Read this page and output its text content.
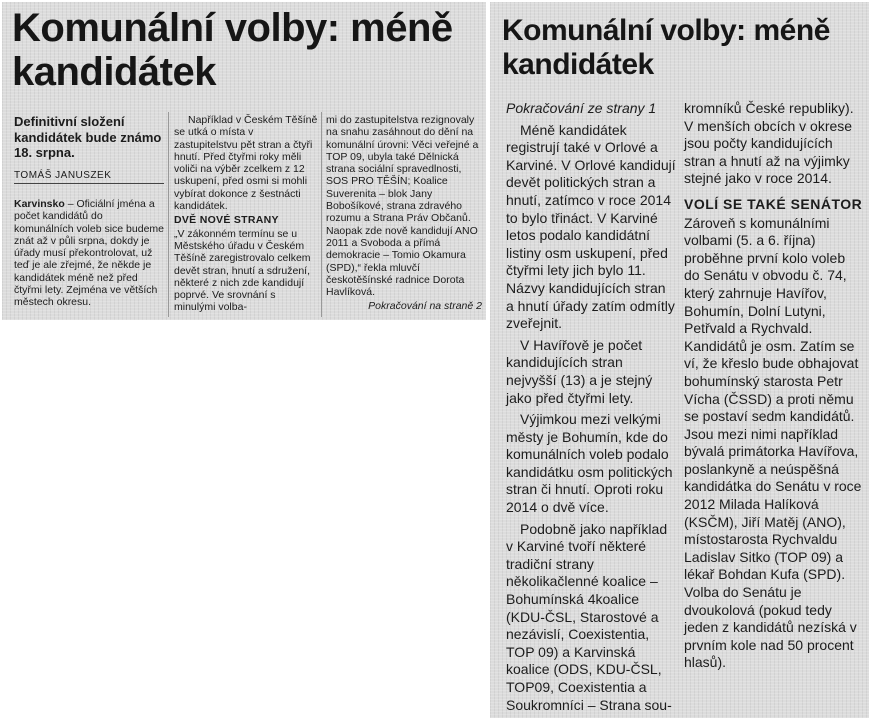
Komunální volby: méně kandidátek

Definitivní složení kandidátek bude známo 18. srpna.

TOMÁŠ JANUSZEK

Karvinsko – Oficiální jména a počet kandidátů do komunálních voleb sice budeme znát až v půli srpna, dokdy je úřady musí překontrolovat, už teď je ale zřejmé, že někde je kandidátek méně než před čtyřmi lety. Zejména ve větších městech okresu.

Například v Českém Těšíně se utká o místa v zastupitelstvu pět stran a čtyři hnutí. Před čtyřmi roky měli voliči na výběr zcelkem z 12 uskupení, před osmi si mohli vybírat dokonce z šestnácti kandidátek.

DVĚ NOVÉ STRANY

„V zákonném termínu se u Městského úřadu v Českém Těšíně zaregistrovalo celkem devět stran, hnutí a sdružení, některé z nich zde kandidují poprvé. Ve srovnání s minulými volba-

mi do zastupitelstva rezignovaly na snahu zasáhnout do dění na komunální úrovni: Věci veřejné a TOP 09, ubyla také Dělnická strana sociální spravedlnosti, SOS PRO TĚŠÍN; Koalice Suverenita – blok Jany Bobošíkové, strana zdravého rozumu a Strana Práv Občanů. Naopak zde nově kandidují ANO 2011 a Svoboda a přímá demokracie – Tomio Okamura (SPD),“ řekla mluvčí českotěšínské radnice Dorota Havlíková.

Pokračování na straně 2

Komunální volby: méně kandidátek

Pokračování ze strany 1

Méně kandidátek registrují také v Orlové a Karviné. V Orlové kandidují devět politických stran a hnutí, zatímco v roce 2014 to bylo třináct. V Karviné letos podalo kandidátní listiny osm uskupení, před čtyřmi lety jich bylo 11. Názvy kandidujících stran a hnutí úřady zatím odmítly zveřejnit.

V Havířově je počet kandidujících stran nejvyšší (13) a je stejný jako před čtyřmi lety.

Výjimkou mezi velkými městy je Bohumín, kde do komunálních voleb podalo kandidátku osm politických stran či hnutí. Oproti roku 2014 o dvě více.

Podobně jako například v Karviné tvoří některé tradiční strany několikačlenné koalice – Bohumínská 4koalice (KDU-ČSL, Starostové a nezávislí, Coexistentia, TOP 09) a Karvinská koalice (ODS, KDU-ČSL, TOP09, Coexistentia a Soukromníci – Strana sou-

kromníků České republiky). V menších obcích v okrese jsou počty kandidujících stran a hnutí až na výjimky stejné jako v roce 2014.

VOLÍ SE TAKÉ SENÁTOR

Zároveň s komunálními volbami (5. a 6. října) proběhne první kolo voleb do Senátu v obvodu č. 74, který zahrnuje Havířov, Bohumín, Dolní Lutyni, Petřvald a Rychvald. Kandidátů je osm. Zatím se ví, že křeslo bude obhajovat bohumínský starosta Petr Vícha (ČSSD) a proti němu se postaví sedm kandidátů. Jsou mezi nimi například bývalá primátorka Havířova, poslankyně a neúspěšná kandidátka do Senátu v roce 2012 Milada Halíková (KSČM), Jiří Matěj (ANO), místostarosta Rychvaldu Ladislav Sitko (TOP 09) a lékař Bohdan Kufa (SPD). Volba do Senátu je dvoukolová (pokud tedy jeden z kandidátů nezíská v prvním kole nad 50 procent hlasů).
